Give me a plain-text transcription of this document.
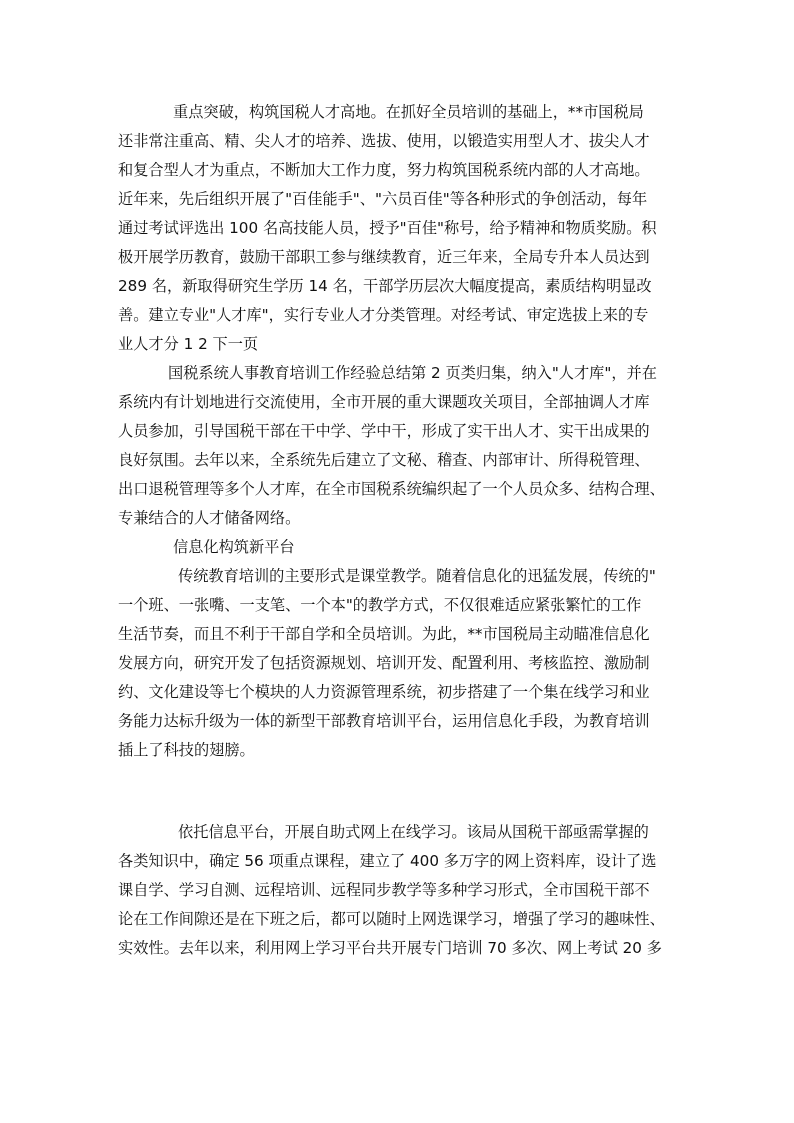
重点突破，构筑国税人才高地。在抓好全员培训的基础上，**市国税局
还非常注重高、精、尖人才的培养、选拔、使用，以锻造实用型人才、拔尖人才
和复合型人才为重点，不断加大工作力度，努力构筑国税系统内部的人才高地。
近年来，先后组织开展了"百佳能手"、"六员百佳"等各种形式的争创活动，每年
通过考试评选出 100 名高技能人员，授予"百佳"称号，给予精神和物质奖励。积
极开展学历教育，鼓励干部职工参与继续教育，近三年来，全局专升本人员达到
289 名，新取得研究生学历 14 名，干部学历层次大幅度提高，素质结构明显改
善。建立专业"人才库"，实行专业人才分类管理。对经考试、审定选拔上来的专
业人才分 1 2 下一页
国税系统人事教育培训工作经验总结第 2 页类归集，纳入"人才库"，并在
系统内有计划地进行交流使用，全市开展的重大课题攻关项目，全部抽调人才库
人员参加，引导国税干部在干中学、学中干，形成了实干出人才、实干出成果的
良好氛围。去年以来，全系统先后建立了文秘、稽查、内部审计、所得税管理、
出口退税管理等多个人才库，在全市国税系统编织起了一个人员众多、结构合理、
专兼结合的人才储备网络。
信息化构筑新平台
传统教育培训的主要形式是课堂教学。随着信息化的迅猛发展，传统的"
一个班、一张嘴、一支笔、一个本"的教学方式，不仅很难适应紧张繁忙的工作
生活节奏，而且不利于干部自学和全员培训。为此，**市国税局主动瞄准信息化
发展方向，研究开发了包括资源规划、培训开发、配置利用、考核监控、激励制
约、文化建设等七个模块的人力资源管理系统，初步搭建了一个集在线学习和业
务能力达标升级为一体的新型干部教育培训平台，运用信息化手段，为教育培训
插上了科技的翅膀。
依托信息平台，开展自助式网上在线学习。该局从国税干部亟需掌握的
各类知识中，确定 56 项重点课程，建立了 400 多万字的网上资料库，设计了选
课自学、学习自测、远程培训、远程同步教学等多种学习形式，全市国税干部不
论在工作间隙还是在下班之后，都可以随时上网选课学习，增强了学习的趣味性、
实效性。去年以来，利用网上学习平台共开展专门培训 70 多次、网上考试 20 多
